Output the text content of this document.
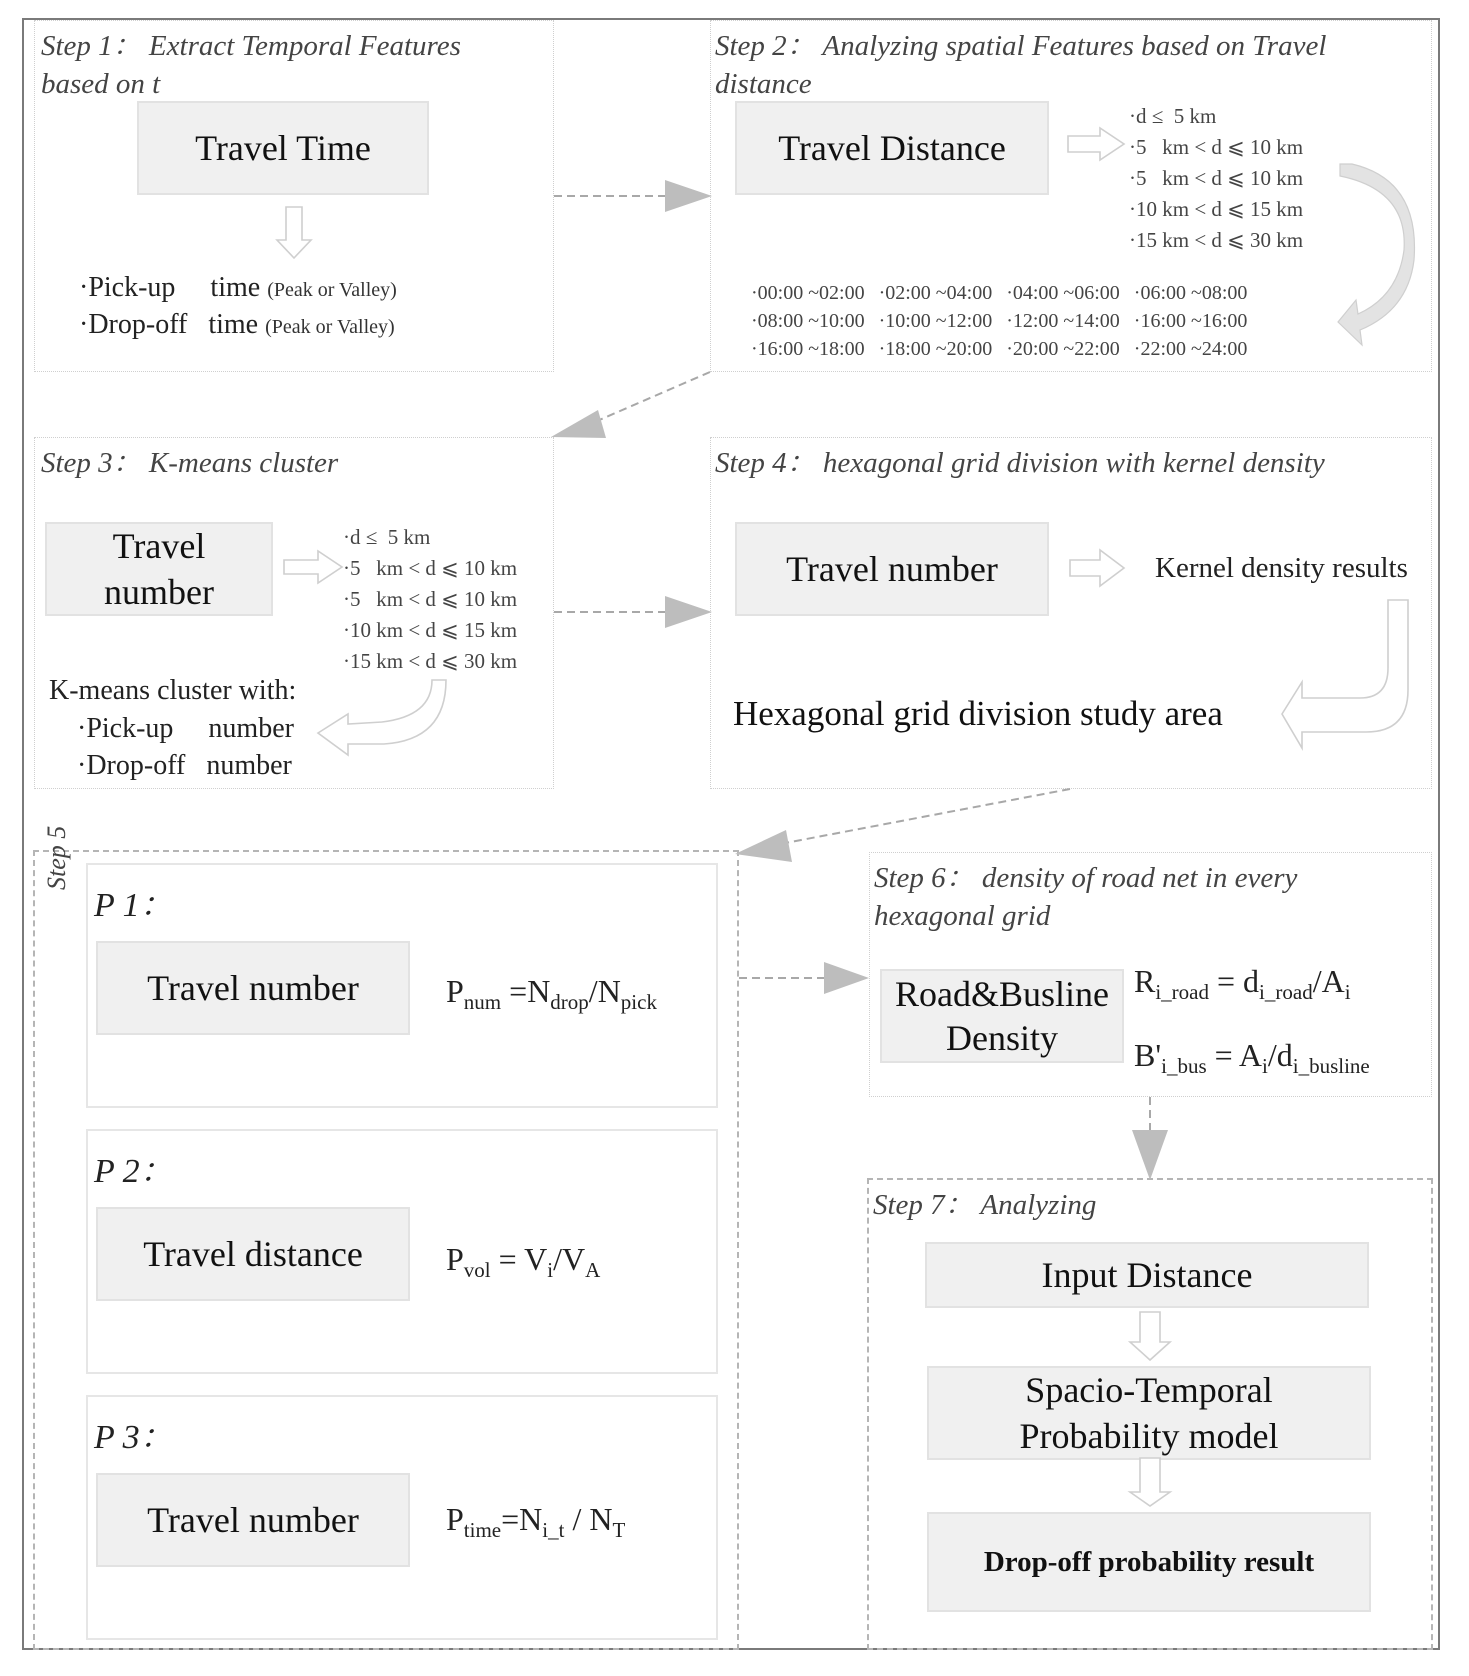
Step 1： Extract Temporal Features based on t
Travel Time
·Pick-up     time (Peak or Valley)
·Drop-off   time (Peak or Valley)
Step 2： Analyzing spatial Features based on Travel distance
Travel Distance
·d ≤  5 km
·5   km < d ⩽ 10 km
·5   km < d ⩽ 10 km
·10 km < d ⩽ 15 km
·15 km < d ⩽ 30 km
·00:00 ~02:00 ·02:00 ~04:00 ·04:00 ~06:00 ·06:00 ~08:00
·08:00 ~10:00 ·10:00 ~12:00 ·12:00 ~14:00 ·16:00 ~16:00
·16:00 ~18:00 ·18:00 ~20:00 ·20:00 ~22:00 ·22:00 ~24:00
Step 3： K-means cluster
Travel
number
·d ≤  5 km
·5   km < d ⩽ 10 km
·5   km < d ⩽ 10 km
·10 km < d ⩽ 15 km
·15 km < d ⩽ 30 km
K-means cluster with:
·Pick-up     number
·Drop-off   number
Step 4： hexagonal grid division with kernel density
Travel number	Kernel density results
Hexagonal grid division study area
Step 5
P 1：
Travel number	$P_{num} =N_{drop}/N_{pick}$
P 2：
Travel distance	$P_{vol} = V_i/V_A$
P 3：
Travel number	$P_{time}=N_{i\_t} / N_T$
Step 6： density of road net in every hexagonal grid
Road&Busline
Density
$R_{i\_road} = d_{i\_road}/A_i$
$B'_{i\_bus} = A_i/d_{i\_busline}$
Step 7： Analyzing
Input Distance
Spacio-Temporal
Probability model
Drop-off probability result
